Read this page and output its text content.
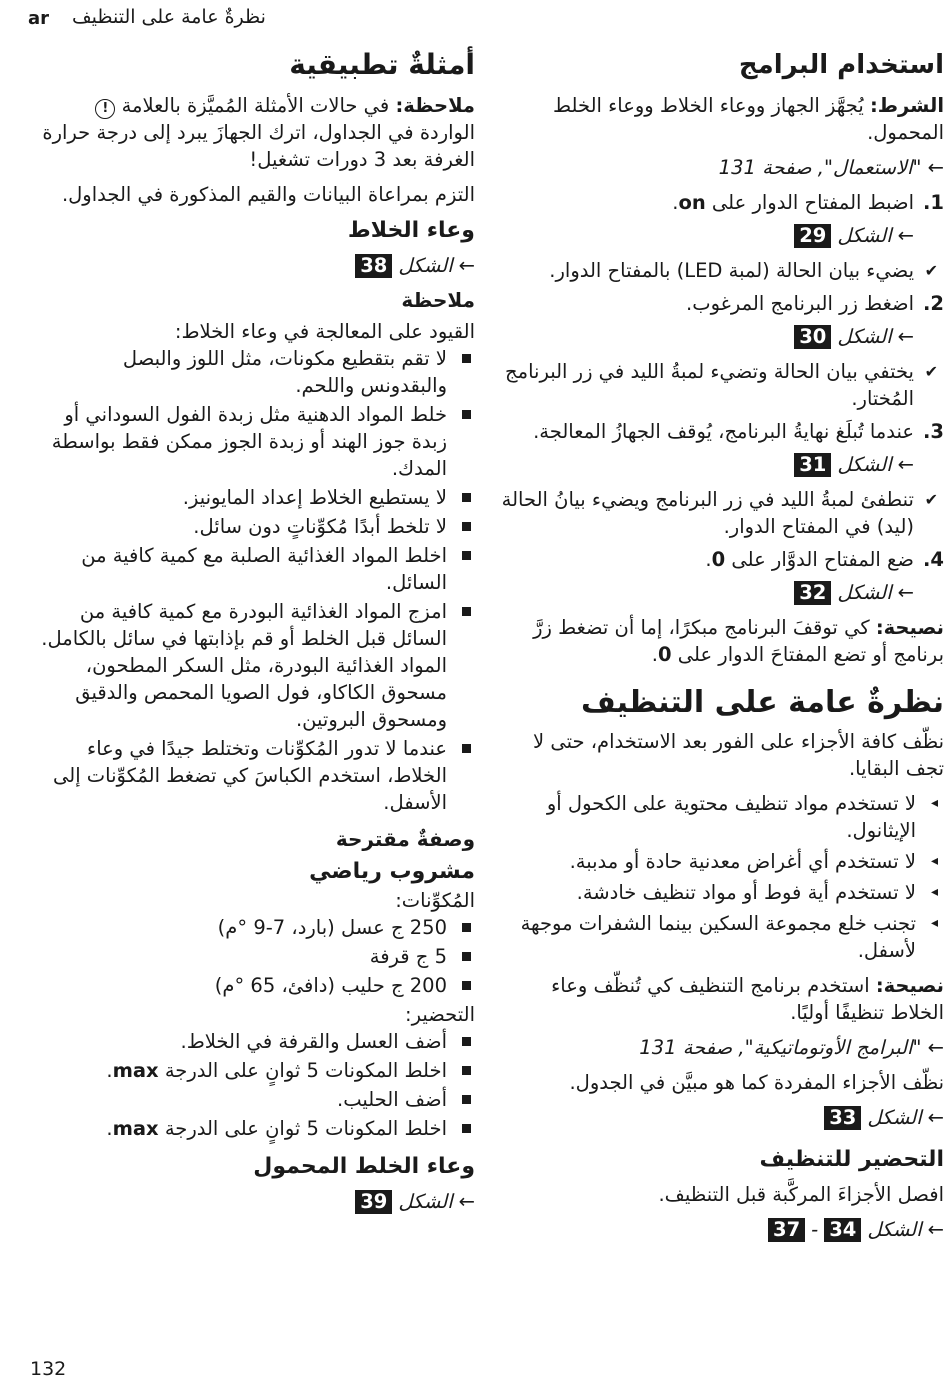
ar نظرةٌ عامة على التنظيف
استخدام البرامج

الشرط: يُجهَّز الجهاز ووعاء الخلاط ووعاء الخلط المحمول.

← "الاستعمال", صفحة 131
1.
اضبط المفتاح الدوار على on.
←
الشكل
29
✔
يضيء بيان الحالة (لمبة LED) بالمفتاح الدوار.
2.
اضغط زر البرنامج المرغوب.
←
الشكل
30
✔
يختفي بيان الحالة وتضيء لمبةُ الليد في زر البرنامج المُختار.
3.
عندما تُبلَغ نهايةُ البرنامج، يُوقف الجهازُ المعالجة.
←
الشكل
31
✔
تنطفئ لمبةُ الليد في زر البرنامج ويضيء بيانُ الحالة (ليد) في المفتاح الدوار.
4.
ضع المفتاح الدوَّار على 0.
←
الشكل
32

نصيحة: كي توقفَ البرنامج مبكرًا، إما أن تضغط زرَّ برنامج أو تضع المفتاحَ الدوار على 0.

نظرةٌ عامة على التنظيف

نظّف كافة الأجزاء على الفور بعد الاستخدام، حتى لا تجف البقايا.

◂
لا تستخدم مواد تنظيف محتوية على الكحول أو الإيثانول.
◂
لا تستخدم أي أغراض معدنية حادة أو مدببة.
◂
لا تستخدم أية فوط أو مواد تنظيف خادشة.
◂
تجنب خلع مجموعة السكين بينما الشفرات موجهة لأسفل.

نصيحة: استخدم برنامج التنظيف كي تُنظّف وعاء الخلاط تنظيفًا أوليًا.

← "البرامج الأوتوماتيكية", صفحة 131

نظّف الأجزاء المفردة كما هو مبيَّن في الجدول.

←
الشكل
33
التحضير للتنظيف

افصل الأجزاءَ المركَّبة قبل التنظيف.

←
الشكل
34
-
37
أمثلةٌ تطبيقية

ملاحظة: في حالات الأمثلة المُميَّزة بالعلامة ! الواردة في الجداول، اترك الجهازَ يبرد إلى درجة حرارة الغرفة بعد 3 دورات تشغيل!

التزم بمراعاة البيانات والقيم المذكورة في الجداول.

وعاء الخلاط
←
الشكل
38
ملاحظة

القيود على المعالجة في وعاء الخلاط:

لا تقم بتقطيع مكونات، مثل اللوز والبصل والبقدونس واللحم.
خلط المواد الدهنية مثل زبدة الفول السوداني أو زبدة جوز الهند أو زبدة الجوز ممكن فقط بواسطة المدك.
لا يستطيع الخلاط إعداد المايونيز.
لا تلخط أبدًا مُكوِّناتٍ دون سائل.
اخلط المواد الغذائية الصلبة مع كمية كافية من السائل.
امزج المواد الغذائية البودرة مع كمية كافية من السائل قبل الخلط أو قم بإذابتها في سائل بالكامل. المواد الغذائية البودرة، مثل السكر المطحون، مسحوق الكاكاو، فول الصويا المحمص والدقيق ومسحوق البروتين.
عندما لا تدور المُكوِّنات وتختلط جيدًا في وعاء الخلاط، استخدم الكباسَ كي تضغط المُكوِّنات إلى الأسفل.
وصفةٌ مقترحة
مشروب رياضي

المُكوِّنات:

250 ج عسل (بارد، 7-9 °م)
5 ج قرفة
200 ج حليب (دافئ، 65 °م)

التحضير:

أضف العسل والقرفة في الخلاط.
اخلط المكونات 5 ثوانٍ على الدرجة max.
أضف الحليب.
اخلط المكونات 5 ثوانٍ على الدرجة max.
وعاء الخلط المحمول
←
الشكل
39
132
